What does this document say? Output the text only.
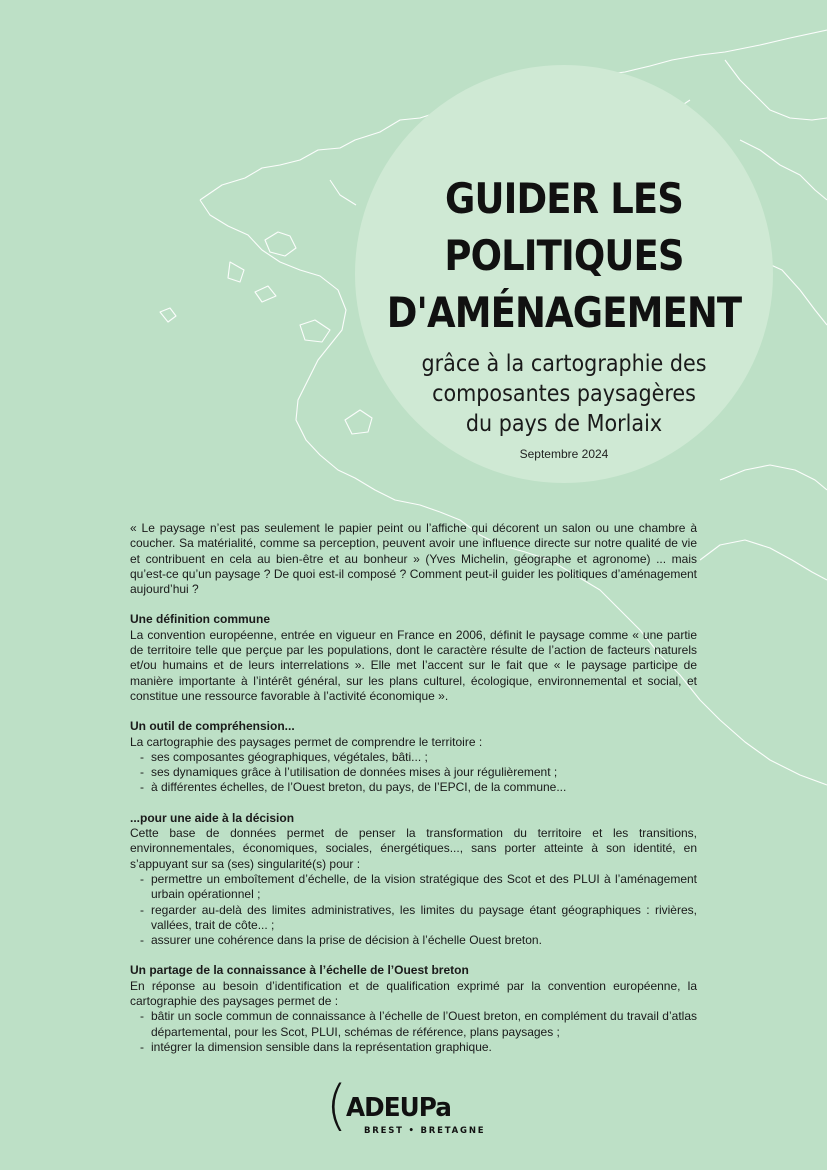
GUIDER LES
POLITIQUES
D'AMÉNAGEMENT
grâce à la cartographie des
composantes paysagères
du pays de Morlaix
Septembre 2024

« Le paysage n’est pas seulement le papier peint ou l’affiche qui décorent un salon ou une chambre à coucher. Sa matérialité, comme sa perception, peuvent avoir une influence directe sur notre qualité de vie et contribuent en cela au bien-être et au bonheur » (Yves Michelin, géographe et agronome) ... mais qu’est-ce qu’un paysage ? De quoi est-il composé ? Comment peut-il guider les politiques d’aménagement aujourd’hui ?

Une définition commune

La convention européenne, entrée en vigueur en France en 2006, définit le paysage comme « une partie de territoire telle que perçue par les populations, dont le caractère résulte de l’action de facteurs naturels et/ou humains et de leurs interrelations ». Elle met l’accent sur le fait que « le paysage participe de manière importante à l’intérêt général, sur les plans culturel, écologique, environnemental et social, et constitue une ressource favorable à l’activité économique ».

Un outil de compréhension...

La cartographie des paysages permet de comprendre le territoire :

- ses composantes géographiques, végétales, bâti... ;
- ses dynamiques grâce à l’utilisation de données mises à jour régulièrement ;
- à différentes échelles, de l’Ouest breton, du pays, de l’EPCI, de la commune...

...pour une aide à la décision

Cette base de données permet de penser la transformation du territoire et les transitions, environnementales, économiques, sociales, énergétiques..., sans porter atteinte à son identité, en s’appuyant sur sa (ses) singularité(s) pour :

- permettre un emboîtement d’échelle, de la vision stratégique des Scot et des PLUI à l’aménagement urbain opérationnel ;
- regarder au-delà des limites administratives, les limites du paysage étant géographiques : rivières, vallées, trait de côte... ;
- assurer une cohérence dans la prise de décision à l’échelle Ouest breton.

Un partage de la connaissance à l’échelle de l’Ouest breton

En réponse au besoin d’identification et de qualification exprimé par la convention européenne, la cartographie des paysages permet de :

- bâtir un socle commun de connaissance à l’échelle de l’Ouest breton, en complément du travail d’atlas départemental, pour les Scot, PLUI, schémas de référence, plans paysages ;
- intégrer la dimension sensible dans la représentation graphique.
(
ADEUPa
BREST • BRETAGNE
